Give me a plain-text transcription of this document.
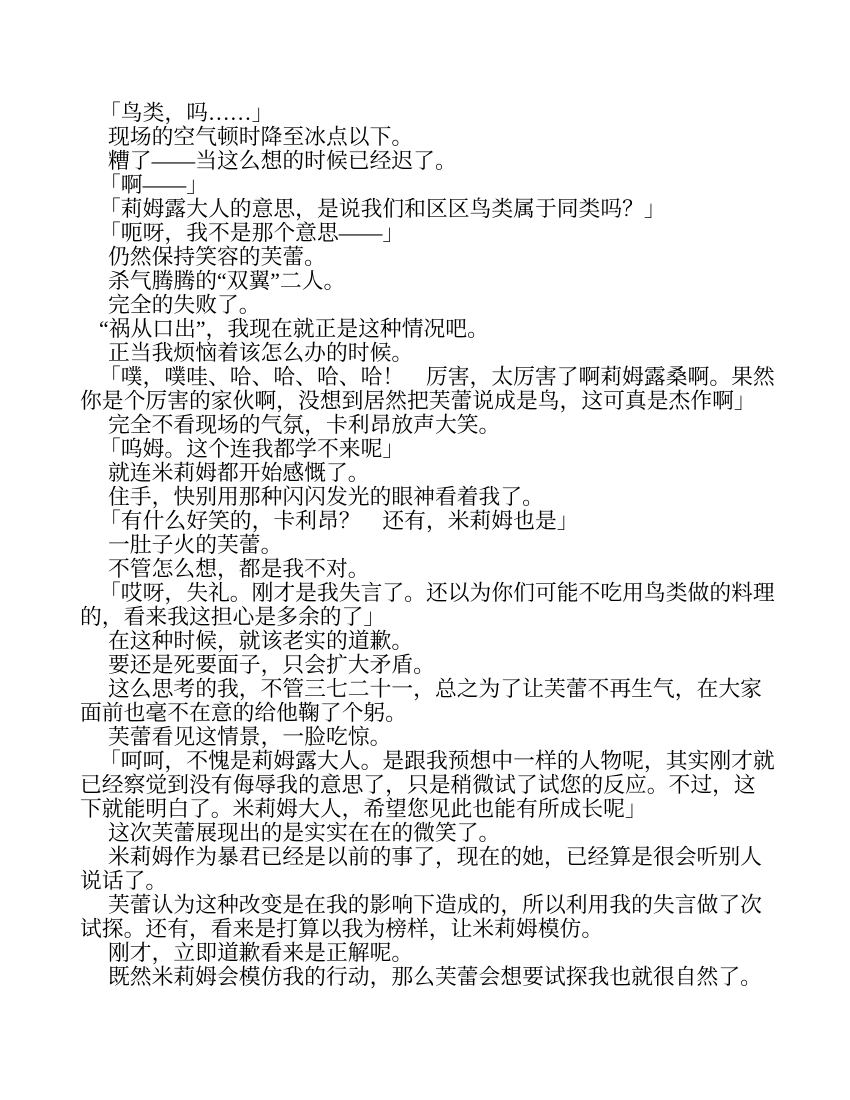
「鸟类，吗……」
现场的空气顿时降至冰点以下。
糟了——当这么想的时候已经迟了。
「啊——」
「莉姆露大人的意思，是说我们和区区鸟类属于同类吗？」
「呃呀，我不是那个意思——」
仍然保持笑容的芙蕾。
杀气腾腾的“双翼”二人。
完全的失败了。
“祸从口出”，我现在就正是这种情况吧。
正当我烦恼着该怎么办的时候。
「噗，噗哇、哈、哈、哈、哈！　厉害，太厉害了啊莉姆露桑啊。果然
你是个厉害的家伙啊，没想到居然把芙蕾说成是鸟，这可真是杰作啊」
完全不看现场的气氛，卡利昂放声大笑。
「呜姆。这个连我都学不来呢」
就连米莉姆都开始感慨了。
住手，快别用那种闪闪发光的眼神看着我了。
「有什么好笑的，卡利昂？　还有，米莉姆也是」
一肚子火的芙蕾。
不管怎么想，都是我不对。
「哎呀，失礼。刚才是我失言了。还以为你们可能不吃用鸟类做的料理
的，看来我这担心是多余的了」
在这种时候，就该老实的道歉。
要还是死要面子，只会扩大矛盾。
这么思考的我，不管三七二十一，总之为了让芙蕾不再生气，在大家
面前也毫不在意的给他鞠了个躬。
芙蕾看见这情景，一脸吃惊。
「呵呵，不愧是莉姆露大人。是跟我预想中一样的人物呢，其实刚才就
已经察觉到没有侮辱我的意思了，只是稍微试了试您的反应。不过，这
下就能明白了。米莉姆大人，希望您见此也能有所成长呢」
这次芙蕾展现出的是实实在在的微笑了。
米莉姆作为暴君已经是以前的事了，现在的她，已经算是很会听别人
说话了。
芙蕾认为这种改变是在我的影响下造成的，所以利用我的失言做了次
试探。还有，看来是打算以我为榜样，让米莉姆模仿。
刚才，立即道歉看来是正解呢。
既然米莉姆会模仿我的行动，那么芙蕾会想要试探我也就很自然了。
